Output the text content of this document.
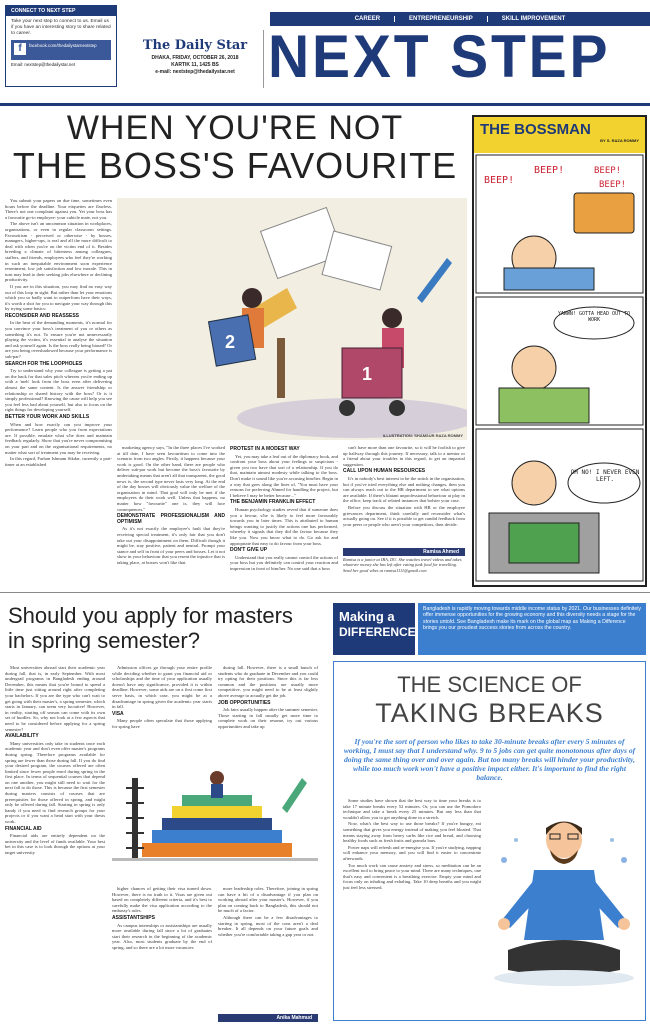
CONNECT TO NEXT STEP
Take your next step to connect to us. Email us if you have an interesting story to share related to career.
f	facebook.com/thedailystarnextstep
Email: nextstep@thedailystar.net
The Daily Star
DHAKA, FRIDAY, OCTOBER 26, 2018
KARTIK 11, 1425 BS
e-mail: nextstep@thedailystar.net
CAREER	ENTREPRENEURSHIP	SKILL IMPROVEMENT
NEXT STEP
WHEN YOU'RE NOT
THE BOSS'S FAVOURITE

You submit your papers on due time, sometimes even hours before the deadline. Your etiquettes are flawless. There's not one complaint against you. Yet your boss has a favourite go-to employee: your cubicle mate, not you.

The above isn't an uncommon situation in workplaces, organisations, or even in regular classroom settings. Favouritism - perceived or otherwise - by bosses, managers, higher-ups, is real and all the more difficult to deal with when you're on the victim end of it. Besides breeding a climate of bitterness among colleagues, staffers, and friends, employees who feel they're working in such an inequitable environment soon experience resentment, low job satisfaction and low morale. This in turn may lead to their seeking jobs elsewhere or declining productivity.

If you are in this situation, you may find no easy way out of this loop in sight. But rather than let your emotions which you so badly want to outperform have their ways, it's worth a shot for you to navigate your way through this by trying some basics:

RECONSIDER AND REASSESS

In the heat of the demanding moments, it's normal for you convince your boss's treatment of you or others as something it's not. To ensure you're not unnecessarily playing the victim, it's essential to analyse the situation and ask yourself again. Is the boss really being biased? Or are you being overshadowed because your performance is sub-par?

SEARCH FOR THE LOOPHOLES

Try to understand why your colleague is getting a pat on the back for that sales pitch whereas you're ending up with a 'meh' look from the boss even after delivering almost the same content. Is the answer friendship or relationship or shared history with the boss? Or is it simply professional? Knowing the cause will help you see you feel less bad about yourself, but also to focus on the right things for developing yourself.

BETTER YOUR WORK AND SKILLS

When and how exactly can you improve your performance? Learn people who you from expectations are. If possible, emulate what s/he does and maintain feedback regularly. Show that you're never compromising on your part and on the organisational requirements, no matter what sort of treatment you may be receiving.

In this regard, Farhan Ishmam Sikdar, currently a part-timer at an established

2
1
ILLUSTRATION: SHAMSUR RAZA ROMMY

marketing agency says, "In the three places I've worked at till date, I have seen favouritism to come into the scenario from two angles. Firstly, it happens because your work is good. On the other hand, there are people who deliver sub-par work but become the boss's favourite by undertaking means that aren't all that transparent, the good news is, the second type never lasts very long. At the end of the day bosses will obviously value the welfare of the organisation in mind. That goal will only be met if the employees do their work well. Unless that happens, no matter how "favourite" one is, they will face consequences."

DEMONSTRATE PROFESSIONALISM AND OPTIMISM

As it's not exactly the employee's fault that they're receiving special treatment, it's only fair that you don't take out your disappointment on them. Difficult though it might be, stay positive, patient and neutral. Prompt your stance and self in front of your peers and bosses. Let it not show in your behaviour that you resent the injustice that is taking place, at bosses won't like that.

PROTEST IN A MODEST WAY

Yet, you may take a leaf out of the diplomacy book, and confront your boss about your feelings or suspicions - given you two have that sort of a relationship. If you do that, maintain utmost modesty while talking to the boss. Don't make it sound like you're accusing him/her. Begin in a way that goes along the lines of, "You must have your reasons for preferring Ahmed for handling the project, but I believe I may be better because..."

THE BENJAMIN FRANKLIN EFFECT

Human psychology studies reveal that if someone does you a favour, s/he is likely to feel more favourably towards you in later times. This is attributed to human beings wanting to justify the actions one has performed, whereby it signals that they did the favour because they like you. Now you know what to do. Go ask for and appropriate that easy to do favour from your boss.

DON'T GIVE UP

Understand that you really cannot control the actions of your boss but you definitely can control your reaction and impression in front of him/her. No one said that a boss

can't have more than one favourite, so it will be foolish to give up halfway through this journey. If necessary, talk to a mentor or a friend about your troubles in this regard, to get an impartial suggestion.

CALL UPON HUMAN RESOURCES

It's in nobody's best interest to be the snitch in the organisation, but if you've tried everything else and nothing changes, then you can always reach out to the HR department to see what options are available. If there's blatant unprofessional behaviour at play in the office, keep track of related instances that bolster your case.

Before you discuss the situation with HR or the employee grievances department, think carefully and reconsider what's actually going on. See if it is possible to get candid feedback from your peers or people who aren't your competitors, then decide.

Ramisa Ahmed
Ramisa is a junior at IBA, DU. She watches travel videos and takes whatever money she has left after eating junk food for travelling. Send her good vibes at ramisa1111@gmail.com
THE BOSSMAN
BY S. RAZA ROMMY
BEEP!
BEEP!	BEEP!
BEEP!
YAWWN! GOTTA HEAD OUT TO WORK
OH NO! I NEVER EVEN LEFT.
Should you apply for masters
in spring semester?

Most universities abroad start their academic year during fall, that is, in early September. With most undergrad programs in Bangladesh ending around December, this means that you're bound to spend a little time just sitting around right after completing your bachelors. If you are the type who can't wait to get going with their master's, a spring semester, which starts in January, can seem very lucrative! However, in reality, starting off season can come with its own set of hurdles. So, why not look at a few aspects that need to be considered before applying for a spring semester?

AVAILABILITY

Many universities only take in students once each academic year and don't even offer master's programs during spring. Therefore programs available for spring are fewer than those during fall. If you do find your desired program, the courses offered are often limited since fewer people enrol during spring in the first place. In terms of sequential courses that depend on one another, you might still need to wait for the next fall to do those. This is because the first semester during masters consists of courses that are prerequisites for those offered in spring, and might only be offered during fall. Starting in spring is only handy if you need to find research groups for your projects or if you want a head start with your thesis work.

FINANCIAL AID

Financial aids are entirely dependent on the university and the level of funds available. Your best bet in this case is to look through the options at your target university

Admission offices go through your entire profile while deciding whether to grant you financial aid or scholarships and the time of your application usually doesn't have any significance, provided it is within deadline. However, some aids are on a first come first serve basis, in which case, you might be at a disadvantage in spring given the academic year starts in fall.

VISA

Many people often speculate that those applying for spring have

during fall. However, there is a small bunch of students who do graduate in December and you could try opting for their positions. Since this is far less common and the positions are usually more competitive, you might need to be at least slightly above average to actually get the job.

JOB OPPORTUNITIES

Job fairs usually happen after the summer semester. Those starting in fall usually get more time to complete work on their resume, try out various opportunities and take up

higher chances of getting their visa turned down. However, there is no truth to it. Visas are given out based on completely different criteria, and it's best to carefully make the visa application according to the embassy's rules.

ASSISTANTSHIPS

As campus internships or assistantships are usually more available during fall since a lot of graduates start their research in the beginning of the academic year. Also, most students graduate by the end of spring, and so there are a lot more vacancies

more leadership roles. Therefore, joining in spring can have a bit of a disadvantage if you plan on working abroad after your master's. However, if you plan on coming back to Bangladesh, this should not be much of a factor.

Although there can be a few disadvantages to starting in spring, most of the cons aren't a deal breaker. It all depends on your future goals and whether you're comfortable taking a gap year or not.

Anika Mahmud
Making a
DIFFERENCE
Bangladesh is rapidly moving towards middle income status by 2021. Our businesses definitely offer immense opportunities for the growing economy and this diversity needs a stage for the stories untold. See Bangladesh make its mark on the global map as Making a Difference brings you our proudest success stories from across the country.
THE SCIENCE OF
TAKING BREAKS
If you're the sort of person who likes to take 30-minute breaks after every 5 minutes of working, I must say that I understand why. 9 to 5 jobs can get quite monotonous after days of doing the same thing over and over again. But too many breaks will hinder your productivity, while too much work won't have a positive impact either. It's important to find the right balance.

Some studies have shown that the best way to time your breaks is to take 17 minute breaks every 52 minutes. Or, you can use the Pomodoro technique and take a break every 25 minutes. But any less than that wouldn't allow you to get anything done in a stretch.

Now, what's the best way to use those breaks? If you're hungry, eat something that gives you energy instead of making you feel bloated. That means staying away from heavy carbs like rice and bread, and choosing healthy foods such as fresh fruits and granola bars.

Power naps will refresh and re-energise you. If you're studying, napping will enhance your memory, and you will find it easier to concentrate afterwards.

Too much work can cause anxiety and stress, so meditation can be an excellent tool to bring peace to your mind. There are many techniques, one that's easy and convenient is a breathing exercise. Empty your mind and focus only on inhaling and exhaling. Take 10 deep breaths and you might just feel less stressed.
